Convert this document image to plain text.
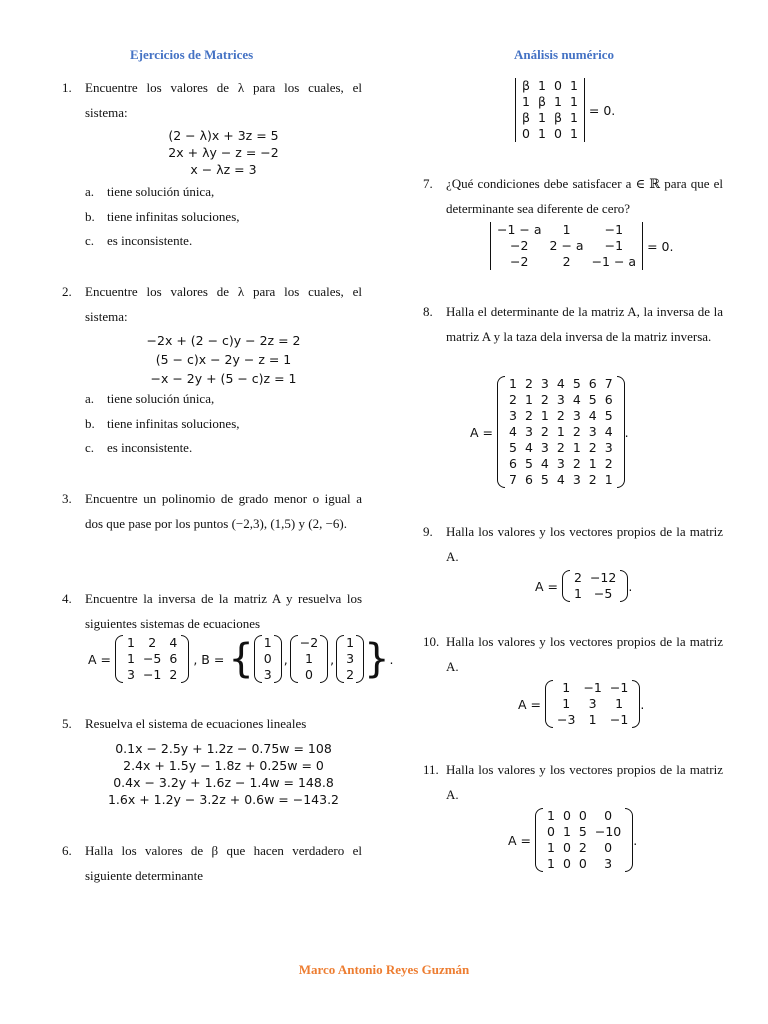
Ejercicios de Matrices	Análisis numérico
1. Encuentre los valores de λ para los cuales, el sistema:
(2 − λ)x + 3z = 5
2x + λy − z = −2
x − λz = 3
a. tiene solución única,
b. tiene infinitas soluciones,
c. es inconsistente.
2. Encuentre los valores de λ para los cuales, el sistema:
−2x + (2 − c)y − 2z = 2
(5 − c)x − 2y − z = 1
−x − 2y + (5 − c)z = 1
a. tiene solución única,
b. tiene infinitas soluciones,
c. es inconsistente.
3. Encuentre un polinomio de grado menor o igual a dos que pase por los puntos (−2,3), (1,5) y (2, −6).
4. Encuentre la inversa de la matriz A y resuelva los siguientes sistemas de ecuaciones
A =
1	2	4
1	−5	6
3	−1	2
, B = { 1
0
3
,
−2
1
0
,
1
3
2 } .
5. Resuelva el sistema de ecuaciones lineales
0.1x − 2.5y + 1.2z − 0.75w = 108
2.4x + 1.5y − 1.8z + 0.25w = 0
0.4x − 3.2y + 1.6z − 1.4w = 148.8
1.6x + 1.2y − 3.2z + 0.6w = −143.2
6. Halla los valores de β que hacen verdadero el siguiente determinante
β	1	0	1
1	β	1	1
β	1	β	1
0	1	0	1
= 0.
7. ¿Qué condiciones debe satisfacer a ∈ ℝ para que el determinante sea diferente de cero?
−1 − a	1	−1
−2	2 − a	−1
−2	2	−1 − a
= 0.
8. Halla el determinante de la matriz A, la inversa de la matriz A y la taza dela inversa de la matriz inversa.
A =
1	2	3	4	5	6	7
2	1	2	3	4	5	6
3	2	1	2	3	4	5
4	3	2	1	2	3	4
5	4	3	2	1	2	3
6	5	4	3	2	1	2
7	6	5	4	3	2	1
.
9. Halla los valores y los vectores propios de la matriz A.
A =
2	−12
1	−5 .
10. Halla los valores y los vectores propios de la matriz A.
A =
1	−1	−1
1	3	1
−3	1	−1
.
11. Halla los valores y los vectores propios de la matriz A.
A =
1	0	0	0
0	1	5	−10
1	0	2	0
1	0	0	3
.
Marco Antonio Reyes Guzmán
